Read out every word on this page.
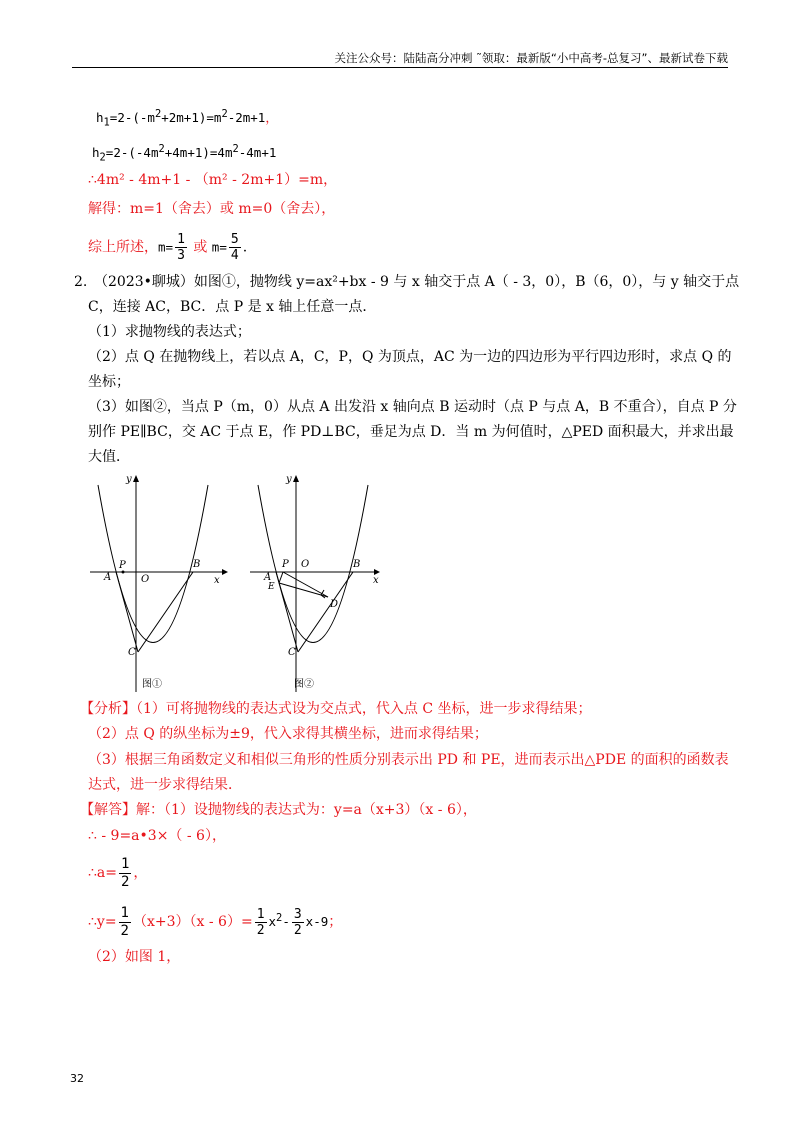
关注公众号：陆陆高分冲刺 ˜领取：最新版“小中高考-总复习”、最新试卷下载
$h_1=2-(-m^2+2m+1)=m^2-2m+1$，
$h_2=2-(-4m^2+4m+1)=4m^2-4m+1$
∴4m² - 4m+1 - （m² - 2m+1）=m，
解得：m=1（舍去）或 m=0（舍去），
综上所述，$m= \frac{1}{3}$ 或 $m= \frac{5}{4}$ .
2. （2023•聊城）如图①，抛物线 y=ax²+bx - 9 与 x 轴交于点 A（ - 3，0），B（6，0），与 y 轴交于点
C，连接 AC，BC．点 P 是 x 轴上任意一点．
（1）求抛物线的表达式；
（2）点 Q 在抛物线上，若以点 A，C，P，Q 为顶点，AC 为一边的四边形为平行四边形时，求点 Q 的
坐标；
（3）如图②，当点 P（m，0）从点 A 出发沿 x 轴向点 B 运动时（点 P 与点 A，B 不重合），自点 P 分
别作 PE∥BC，交 AC 于点 E，作 PD⊥BC，垂足为点 D．当 m 为何值时，△PED 面积最大，并求出最
大值．
A
P
O
B
C
x
y
图①
A
E
P O	B
C
D
x
y
图②
【分析】（1）可将抛物线的表达式设为交点式，代入点 C 坐标，进一步求得结果；
（2）点 Q 的纵坐标为±9，代入求得其横坐标，进而求得结果；
（3）根据三角函数定义和相似三角形的性质分别表示出 PD 和 PE，进而表示出△PDE 的面积的函数表
达式，进一步求得结果．
【解答】解：（1）设抛物线的表达式为：y=a（x+3）（x - 6），
∴ - 9=a•3×（ - 6），
∴a= $\frac{1}{2}$ ，
∴y= $\frac{1}{2} (x+3)(x - 6)= \frac{1}{2} x^2- \frac{3}{2} x-9$；
（2）如图 1，
32
